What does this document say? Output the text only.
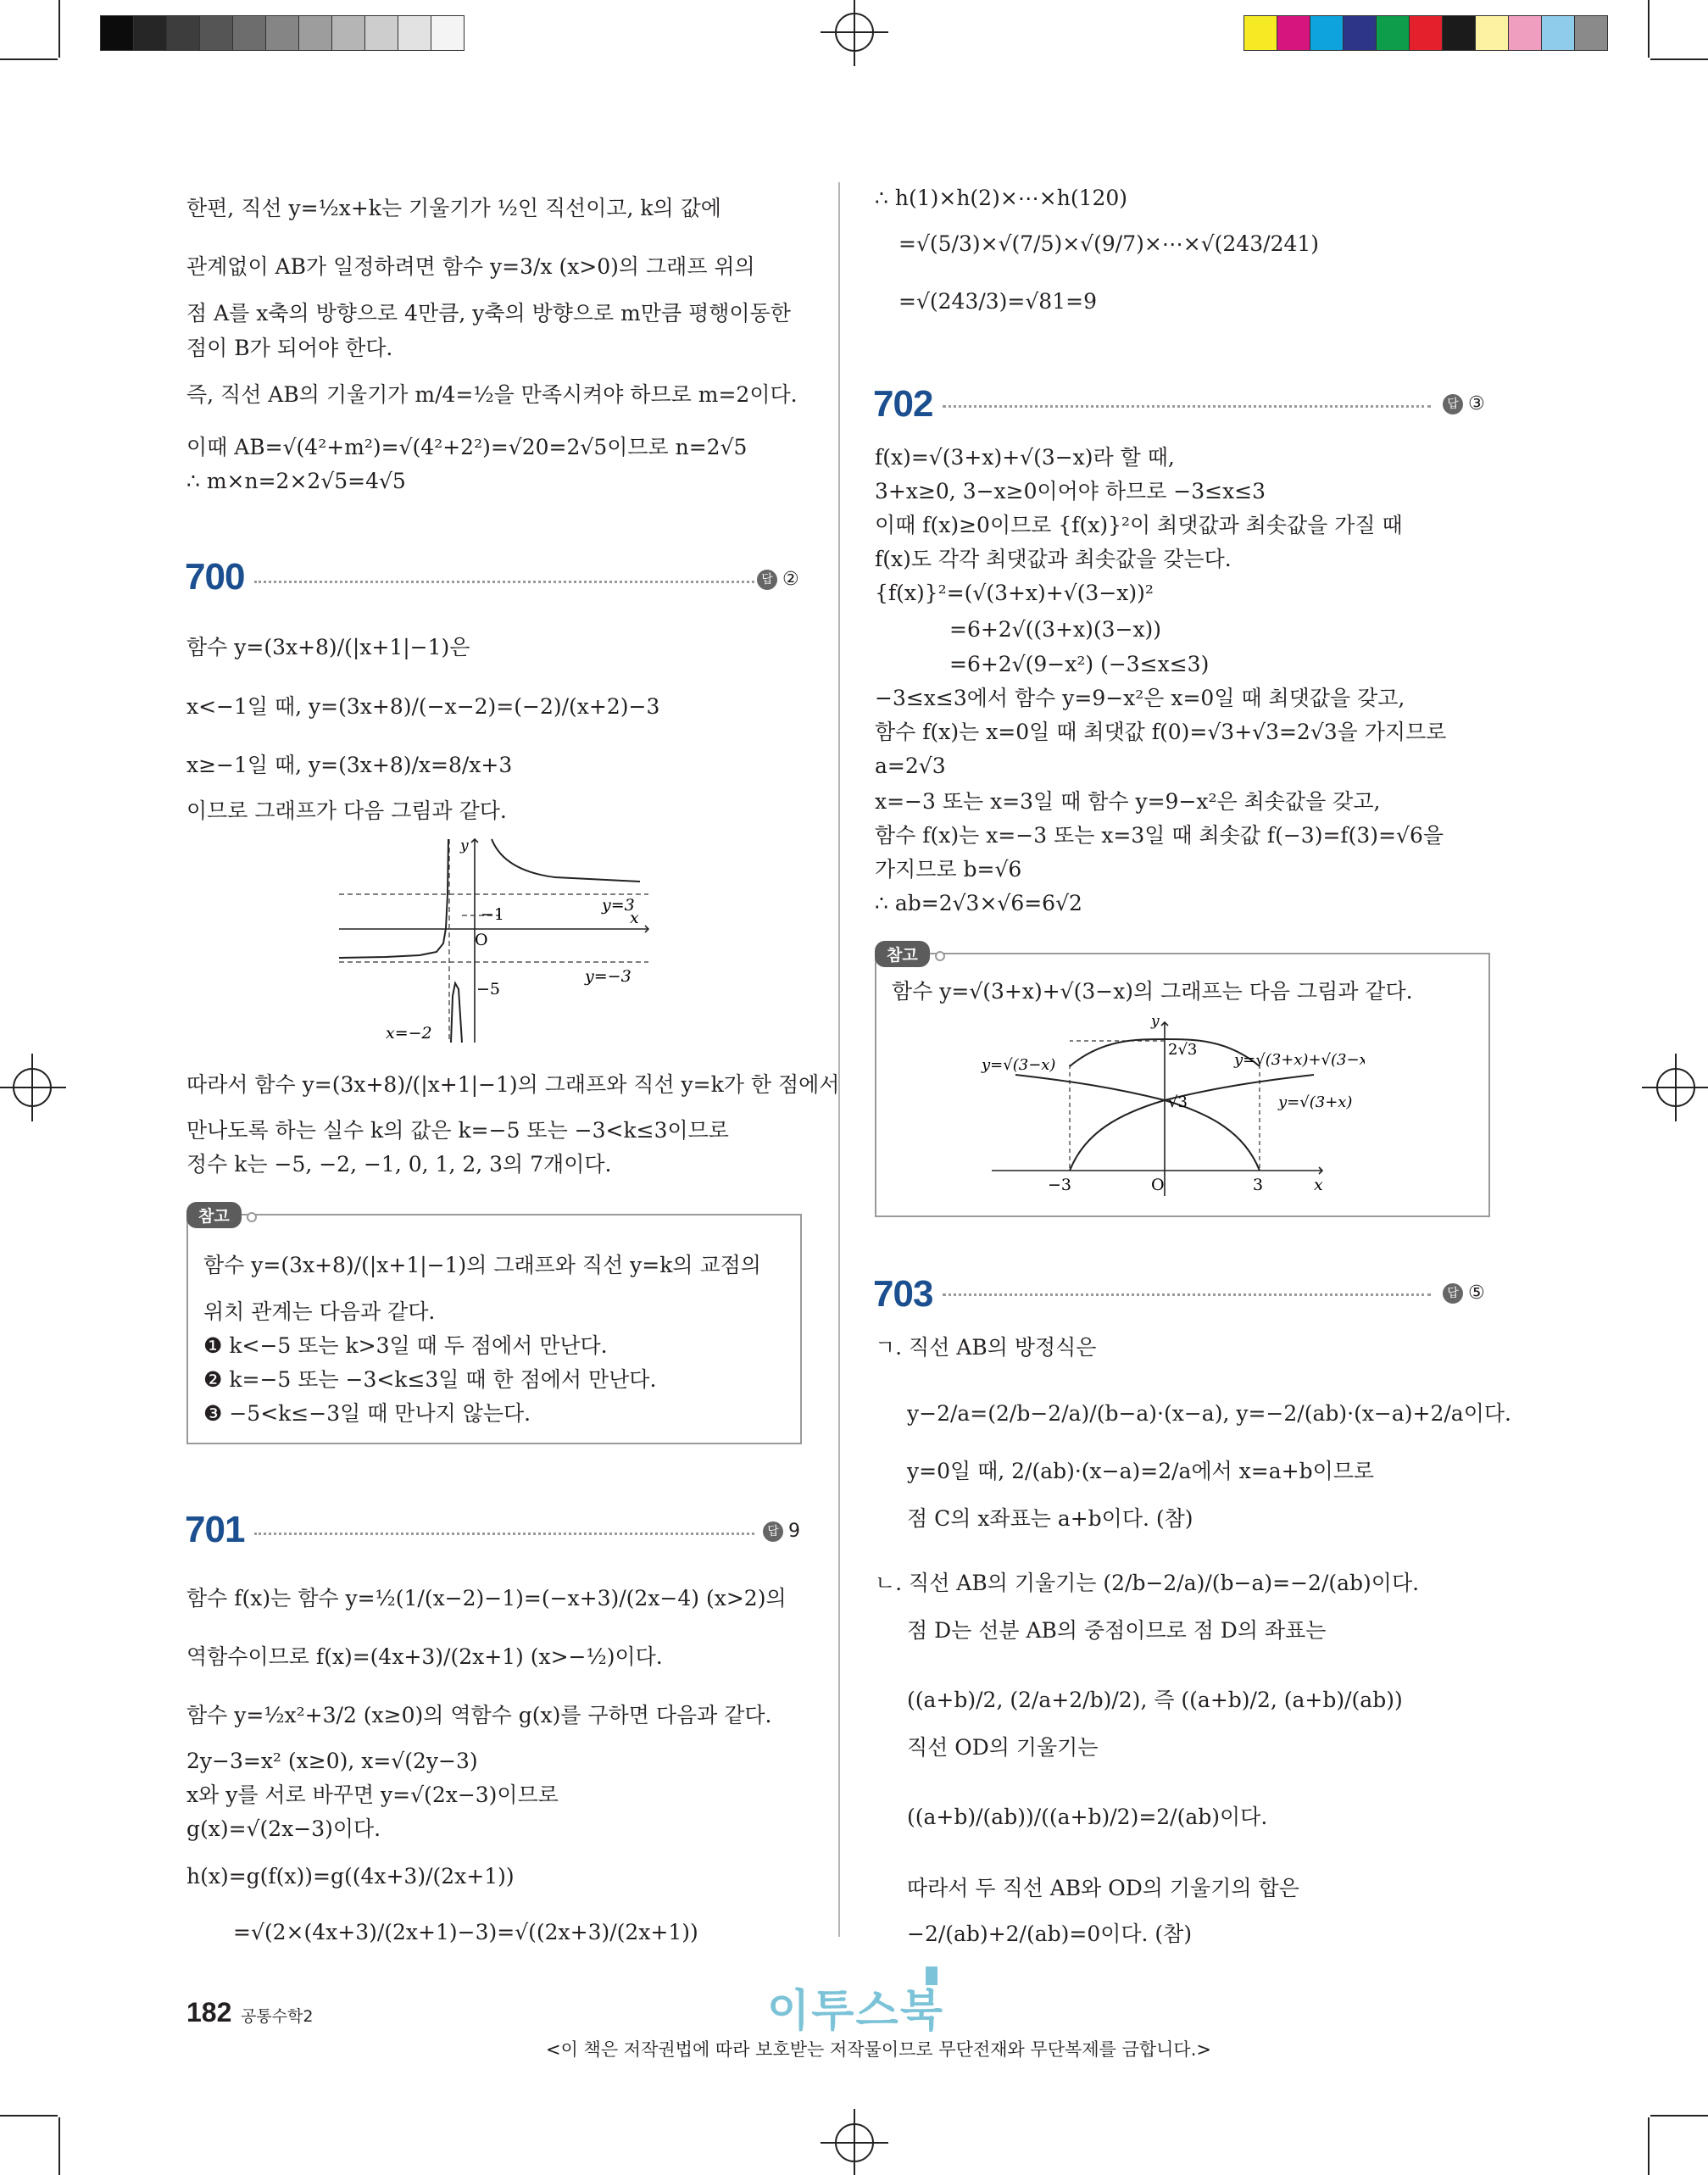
한편, 직선 y=½x+k는 기울기가 ½인 직선이고, k의 값에
관계없이 AB가 일정하려면 함수 y=3/x (x>0)의 그래프 위의
점 A를 x축의 방향으로 4만큼, y축의 방향으로 m만큼 평행이동한
점이 B가 되어야 한다.
즉, 직선 AB의 기울기가 m/4=½을 만족시켜야 하므로 m=2이다.
이때 AB=√(4²+m²)=√(4²+2²)=√20=2√5이므로 n=2√5
∴ m×n=2×2√5=4√5
700	답 ②
함수 y=(3x+8)/(|x+1|−1)은
x<−1일 때, y=(3x+8)/(−x−2)=(−2)/(x+2)−3
x≥−1일 때, y=(3x+8)/x=8/x+3
이므로 그래프가 다음 그림과 같다.
y
x
O
y=3
y=−3
−1
−5
x=−2
따라서 함수 y=(3x+8)/(|x+1|−1)의 그래프와 직선 y=k가 한 점에서
만나도록 하는 실수 k의 값은 k=−5 또는 −3<k≤3이므로
정수 k는 −5, −2, −1, 0, 1, 2, 3의 7개이다.
참고
함수 y=(3x+8)/(|x+1|−1)의 그래프와 직선 y=k의 교점의
위치 관계는 다음과 같다.
❶ k<−5 또는 k>3일 때 두 점에서 만난다.
❷ k=−5 또는 −3<k≤3일 때 한 점에서 만난다.
❸ −5<k≤−3일 때 만나지 않는다.
701	답 9
함수 f(x)는 함수 y=½(1/(x−2)−1)=(−x+3)/(2x−4) (x>2)의
역함수이므로 f(x)=(4x+3)/(2x+1) (x>−½)이다.
함수 y=½x²+3/2 (x≥0)의 역함수 g(x)를 구하면 다음과 같다.
2y−3=x² (x≥0), x=√(2y−3)
x와 y를 서로 바꾸면 y=√(2x−3)이므로
g(x)=√(2x−3)이다.
h(x)=g(f(x))=g((4x+3)/(2x+1))
=√(2×(4x+3)/(2x+1)−3)=√((2x+3)/(2x+1))
∴ h(1)×h(2)×⋯×h(120)
=√(5/3)×√(7/5)×√(9/7)×⋯×√(243/241)
=√(243/3)=√81=9
702	답 ③
f(x)=√(3+x)+√(3−x)라 할 때,
3+x≥0, 3−x≥0이어야 하므로 −3≤x≤3
이때 f(x)≥0이므로 {f(x)}²이 최댓값과 최솟값을 가질 때
f(x)도 각각 최댓값과 최솟값을 갖는다.
{f(x)}²=(√(3+x)+√(3−x))²
=6+2√((3+x)(3−x))
=6+2√(9−x²) (−3≤x≤3)
−3≤x≤3에서 함수 y=9−x²은 x=0일 때 최댓값을 갖고,
함수 f(x)는 x=0일 때 최댓값 f(0)=√3+√3=2√3을 가지므로
a=2√3
x=−3 또는 x=3일 때 함수 y=9−x²은 최솟값을 갖고,
함수 f(x)는 x=−3 또는 x=3일 때 최솟값 f(−3)=f(3)=√6을
가지므로 b=√6
∴ ab=2√3×√6=6√2
참고
함수 y=√(3+x)+√(3−x)의 그래프는 다음 그림과 같다.
y
x
O
2√3
√3
−3	3
y=√(3+x)+√(3−x)
y=√(3−x)
y=√(3+x)
703	답 ⑤
ㄱ. 직선 AB의 방정식은
y−2/a=(2/b−2/a)/(b−a)·(x−a), y=−2/(ab)·(x−a)+2/a이다.
y=0일 때, 2/(ab)·(x−a)=2/a에서 x=a+b이므로
점 C의 x좌표는 a+b이다. (참)
ㄴ. 직선 AB의 기울기는 (2/b−2/a)/(b−a)=−2/(ab)이다.
점 D는 선분 AB의 중점이므로 점 D의 좌표는
((a+b)/2, (2/a+2/b)/2), 즉 ((a+b)/2, (a+b)/(ab))
직선 OD의 기울기는
((a+b)/(ab))/((a+b)/2)=2/(ab)이다.
따라서 두 직선 AB와 OD의 기울기의 합은
−2/(ab)+2/(ab)=0이다. (참)
이투스북
182 공통수학2
<이 책은 저작권법에 따라 보호받는 저작물이므로 무단전재와 무단복제를 금합니다.>
